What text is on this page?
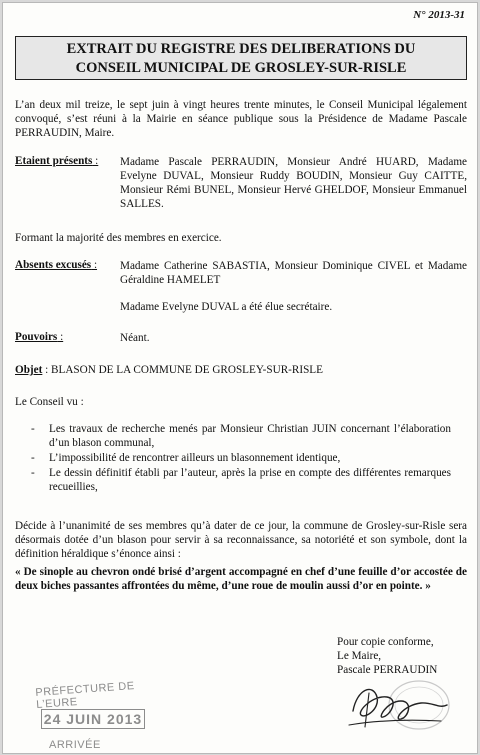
N° 2013-31
EXTRAIT DU REGISTRE DES DELIBERATIONS DU
CONSEIL MUNICIPAL DE GROSLEY-SUR-RISLE
L’an deux mil treize, le sept juin à vingt heures trente minutes, le Conseil Municipal légalement convoqué, s’est réuni à la Mairie en séance publique sous la Présidence de Madame Pascale PERRAUDIN, Maire.
Etaient présents : Madame Pascale PERRAUDIN, Monsieur André HUARD, Madame Evelyne DUVAL, Monsieur Ruddy BOUDIN, Monsieur Guy CAITTE, Monsieur Rémi BUNEL, Monsieur Hervé GHELDOF, Monsieur Emmanuel SALLES.
Formant la majorité des membres en exercice.
Absents excusés : Madame Catherine SABASTIA, Monsieur Dominique CIVEL et Madame Géraldine HAMELET
Madame Evelyne DUVAL a été élue secrétaire.
Pouvoirs :	Néant.
Objet : BLASON DE LA COMMUNE DE GROSLEY-SUR-RISLE
Le Conseil vu :
- Les travaux de recherche menés par Monsieur Christian JUIN concernant l’élaboration d’un blason communal,
- L’impossibilité de rencontrer ailleurs un blasonnement identique,
- Le dessin définitif établi par l’auteur, après la prise en compte des différentes remarques recueillies,
Décide à l’unanimité de ses membres qu’à dater de ce jour, la commune de Grosley-sur-Risle sera désormais dotée d’un blason pour servir à sa reconnaissance, sa notoriété et son symbole, dont la définition héraldique s’énonce ainsi :
« De sinople au chevron ondé brisé d’argent accompagné en chef d’une feuille d’or accostée de deux biches passantes affrontées du même, d’une roue de moulin aussi d’or en pointe. »
Pour copie conforme,
Le Maire,
Pascale PERRAUDIN
PRÉFECTURE DE L’EURE
24 JUIN 2013
ARRIVÉE
